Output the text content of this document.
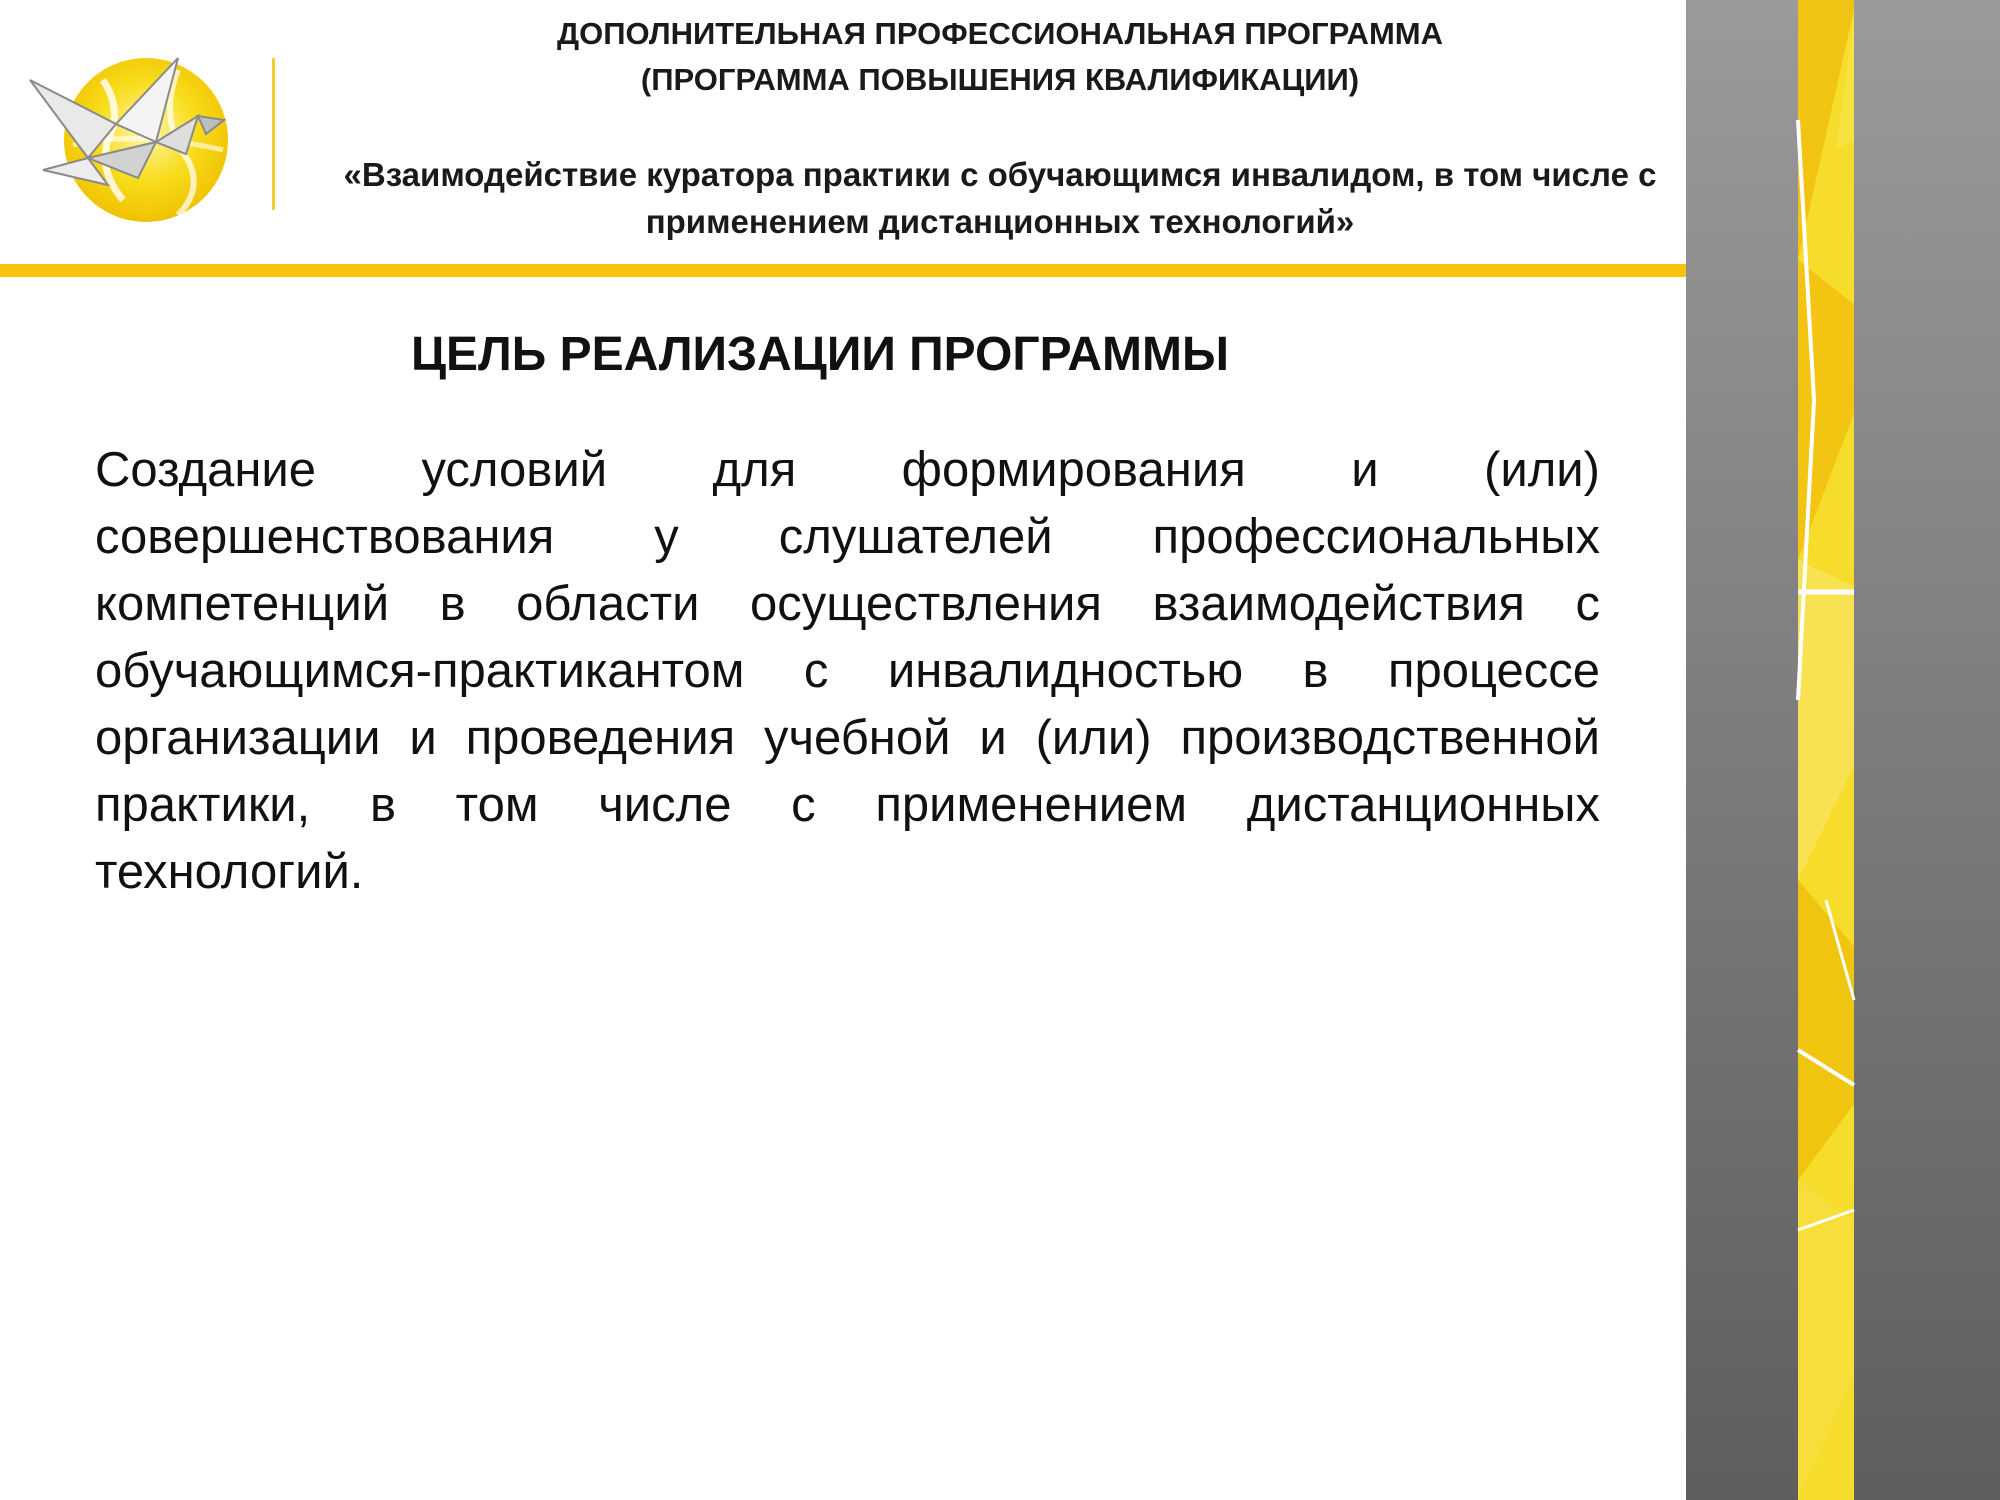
ДОПОЛНИТЕЛЬНАЯ ПРОФЕССИОНАЛЬНАЯ ПРОГРАММА
(ПРОГРАММА ПОВЫШЕНИЯ КВАЛИФИКАЦИИ)
«Взаимодействие куратора практики с обучающимся инвалидом, в том числе с
применением дистанционных технологий»
ЦЕЛЬ РЕАЛИЗАЦИИ ПРОГРАММЫ

Создание условий для формирования и (или) совершенствования у слушателей профессиональных компетенций в области осуществления взаимодействия с обучающимся-практикантом с инвалидностью в процессе организации и проведения учебной и (или) производственной практики, в том числе с применением дистанционных технологий.
